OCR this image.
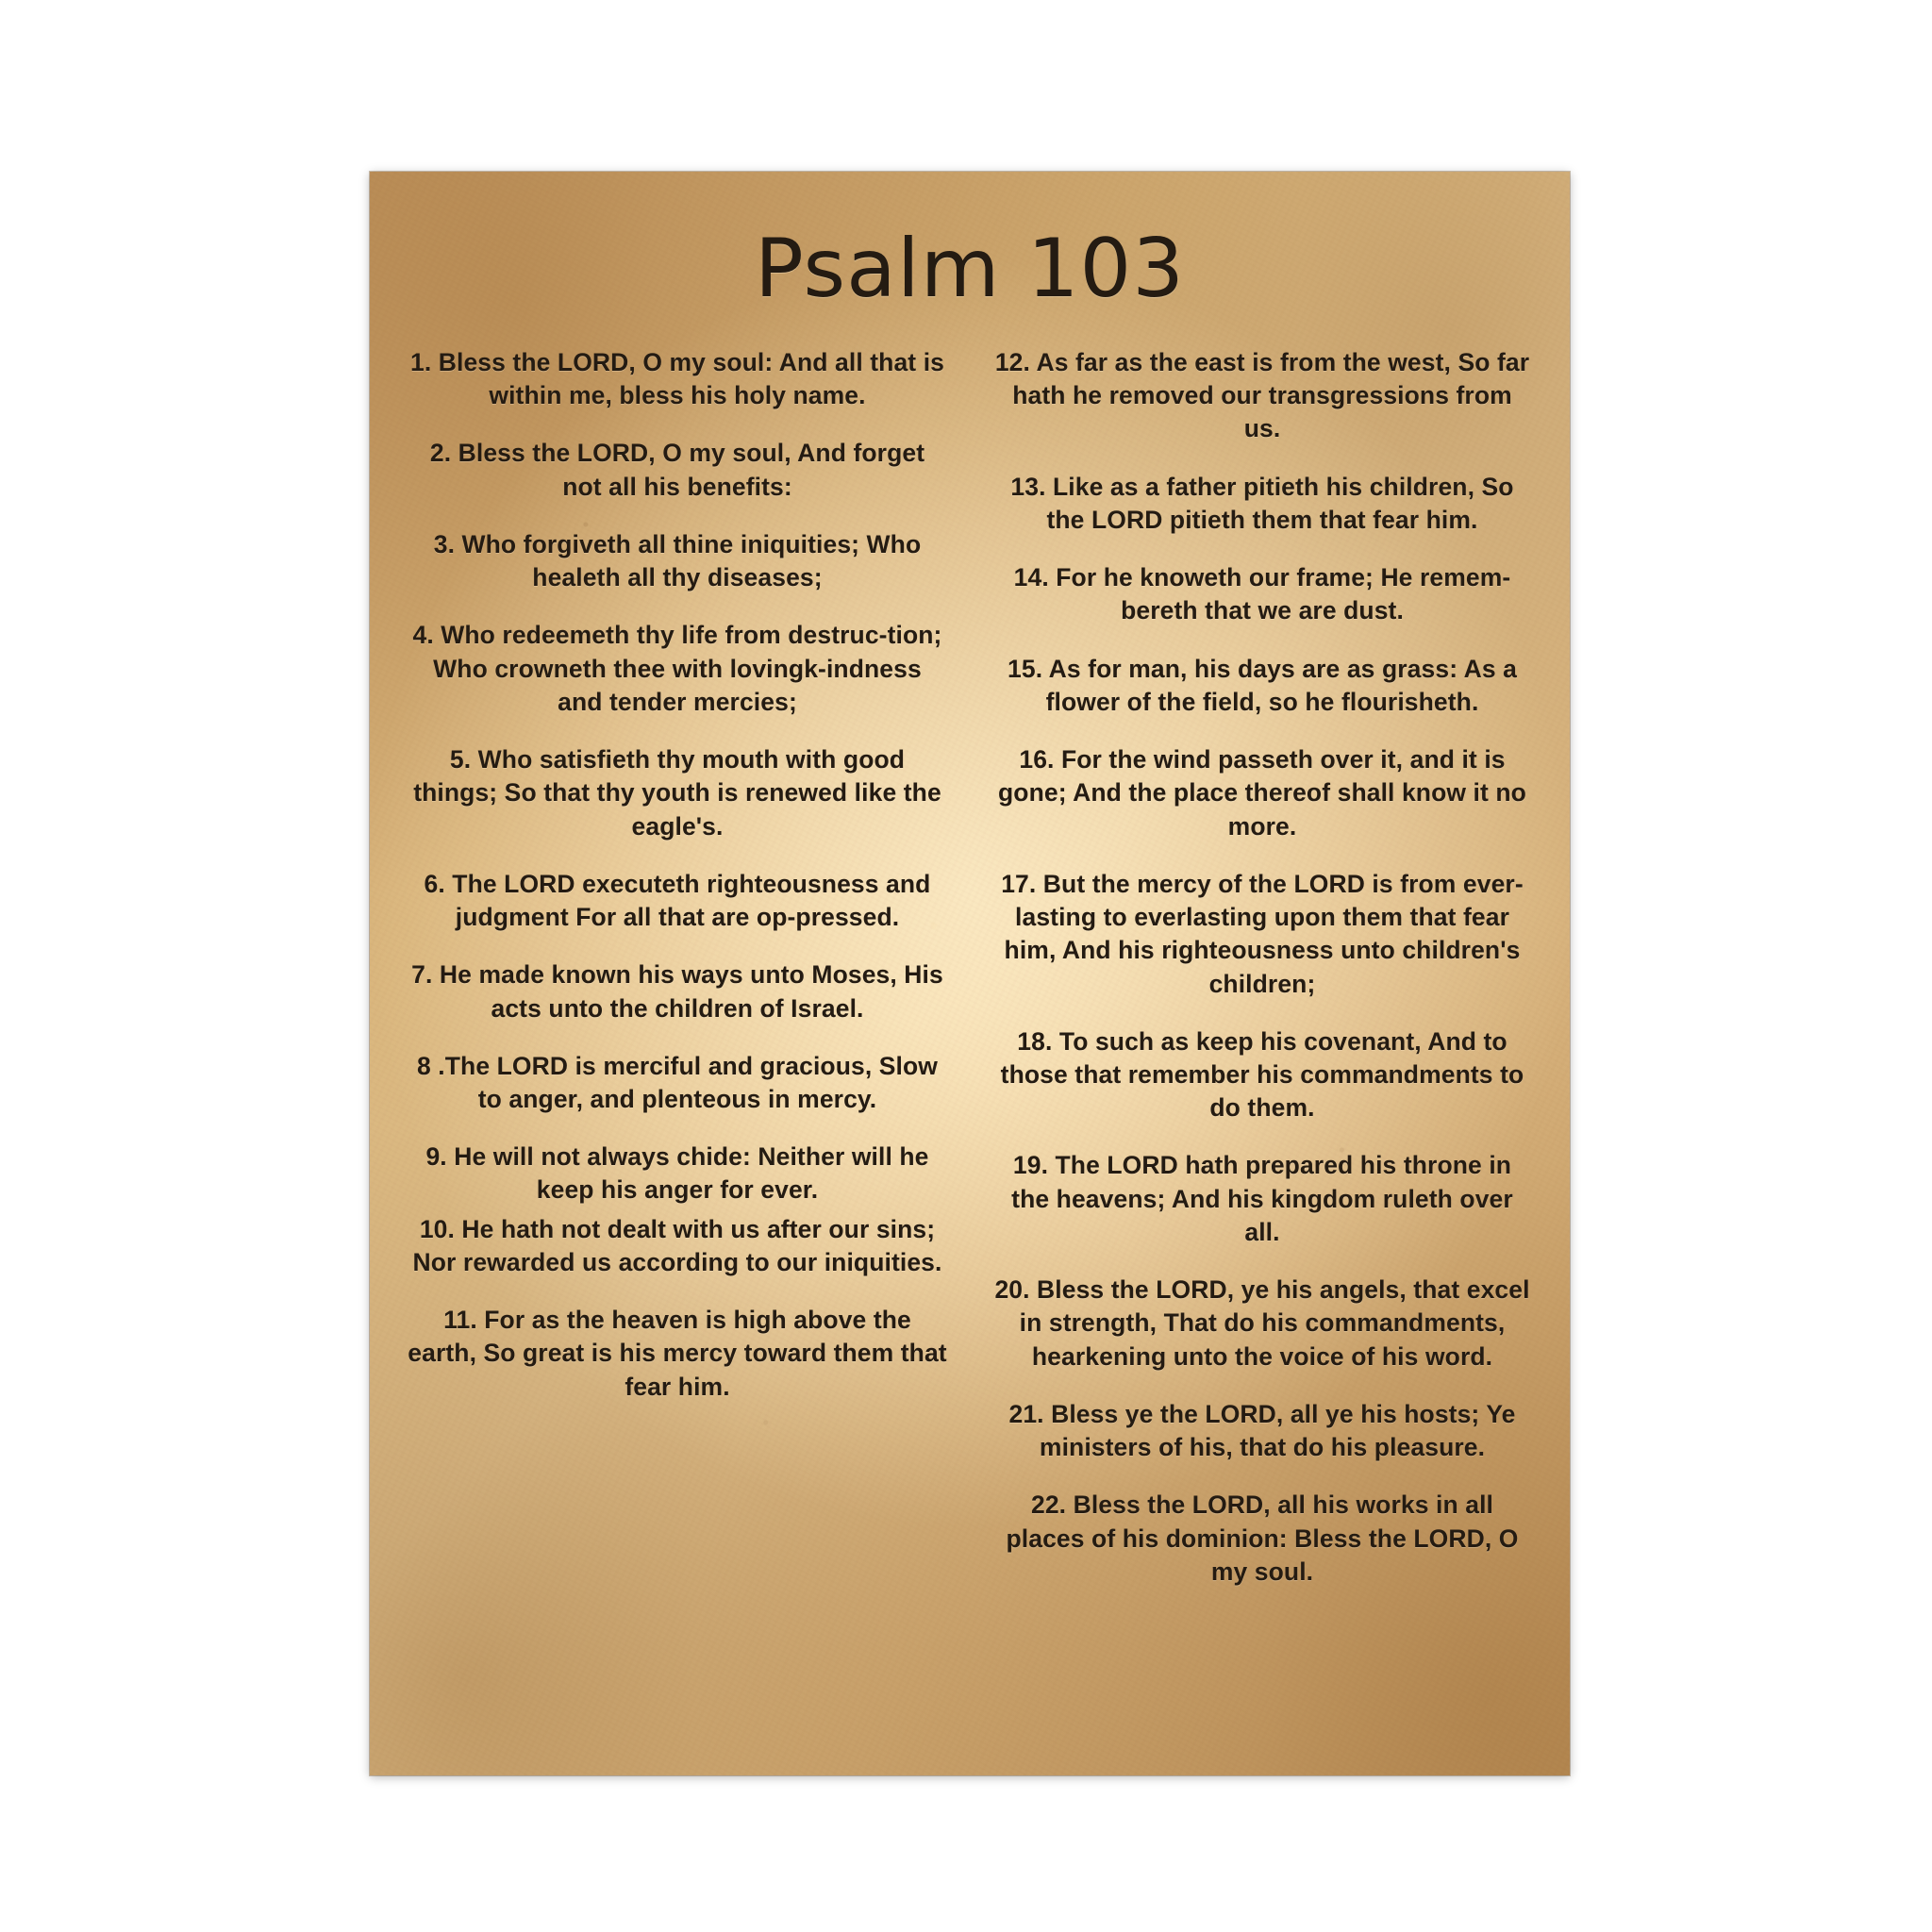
Psalm 103
1. Bless the LORD, O my soul: And all that is within me, bless his holy name.
2. Bless the LORD, O my soul, And forget not all his benefits:
3. Who forgiveth all thine iniquities; Who healeth all thy diseases;
4. Who redeemeth thy life from destruc-tion; Who crowneth thee with lovingk-indness and tender mercies;
5. Who satisfieth thy mouth with good things; So that thy youth is renewed like the eagle's.
6. The LORD executeth righteousness and judgment For all that are op-pressed.
7. He made known his ways unto Moses, His acts unto the children of Israel.
8 .The LORD is merciful and gracious, Slow to anger, and plenteous in mercy.
9. He will not always chide: Neither will he keep his anger for ever.
10. He hath not dealt with us after our sins; Nor rewarded us according to our iniquities.
11. For as the heaven is high above the earth, So great is his mercy toward them that fear him.
12. As far as the east is from the west, So far hath he removed our transgressions from us.
13. Like as a father pitieth his children, So the LORD pitieth them that fear him.
14. For he knoweth our frame; He remem-bereth that we are dust.
15. As for man, his days are as grass: As a flower of the field, so he flourisheth.
16. For the wind passeth over it, and it is gone; And the place thereof shall know it no more.
17. But the mercy of the LORD is from ever-lasting to everlasting upon them that fear him, And his righteousness unto children's children;
18. To such as keep his covenant, And to those that remember his commandments to do them.
19. The LORD hath prepared his throne in the heavens; And his kingdom ruleth over all.
20. Bless the LORD, ye his angels, that excel in strength, That do his commandments, hearkening unto the voice of his word.
21. Bless ye the LORD, all ye his hosts; Ye ministers of his, that do his pleasure.
22. Bless the LORD, all his works in all places of his dominion: Bless the LORD, O my soul.
